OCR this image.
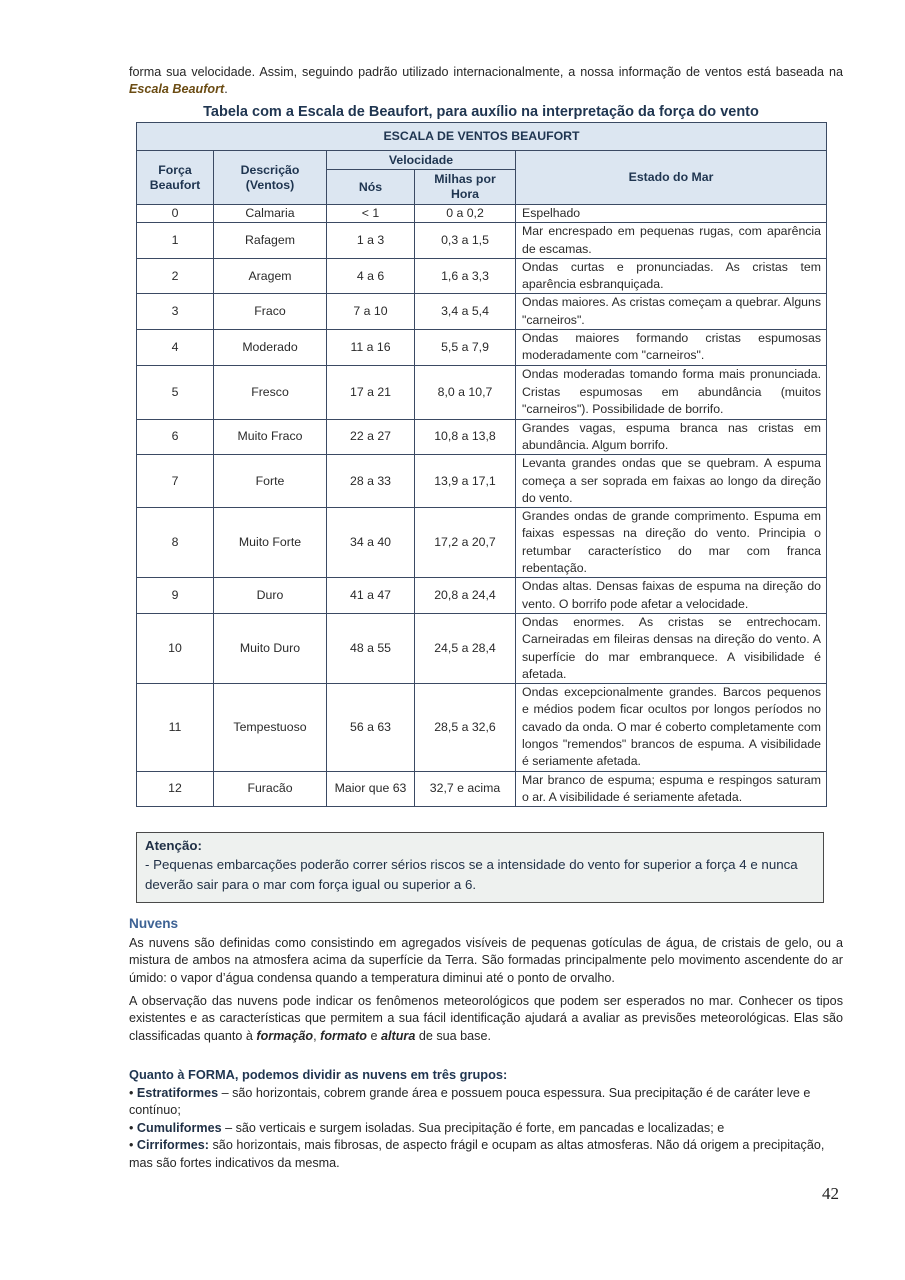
forma sua velocidade. Assim, seguindo padrão utilizado internacionalmente, a nossa informação de ventos está baseada na Escala Beaufort.

Tabela com a Escala de Beaufort, para auxílio na interpretação da força do vento

ESCALA DE VENTOS BEAUFORT				
Força Beaufort	Descrição (Ventos)	Velocidade		Estado do Mar
		Nós	Milhas por Hora	
0	Calmaria	< 1	0 a 0,2	Espelhado
1	Rafagem	1 a 3	0,3 a 1,5	Mar encrespado em pequenas rugas, com aparência de escamas.
2	Aragem	4 a 6	1,6 a 3,3	Ondas curtas e pronunciadas. As cristas tem aparência esbranquiçada.
3	Fraco	7 a 10	3,4 a 5,4	Ondas maiores. As cristas começam a quebrar. Alguns "carneiros".
4	Moderado	11 a 16	5,5 a 7,9	Ondas maiores formando cristas espumosas moderadamente com "carneiros".
5	Fresco	17 a 21	8,0 a 10,7	Ondas moderadas tomando forma mais pronunciada. Cristas espumosas em abundância (muitos "carneiros"). Possibilidade de borrifo.
6	Muito Fraco	22 a 27	10,8 a 13,8	Grandes vagas, espuma branca nas cristas em abundância. Algum borrifo.
7	Forte	28 a 33	13,9 a 17,1	Levanta grandes ondas que se quebram. A espuma começa a ser soprada em faixas ao longo da direção do vento.
8	Muito Forte	34 a 40	17,2 a 20,7	Grandes ondas de grande comprimento. Espuma em faixas espessas na direção do vento. Principia o retumbar característico do mar com franca rebentação.
9	Duro	41 a 47	20,8 a 24,4	Ondas altas. Densas faixas de espuma na direção do vento. O borrifo pode afetar a velocidade.
10	Muito Duro	48 a 55	24,5 a 28,4	Ondas enormes. As cristas se entrechocam. Carneiradas em fileiras densas na direção do vento. A superfície do mar embranquece. A visibilidade é afetada.
11	Tempestuoso	56 a 63	28,5 a 32,6	Ondas excepcionalmente grandes. Barcos pequenos e médios podem ficar ocultos por longos períodos no cavado da onda. O mar é coberto completamente com longos "remendos" brancos de espuma. A visibilidade é seriamente afetada.
12	Furacão	Maior que 63	32,7 e acima	Mar branco de espuma; espuma e respingos saturam o ar. A visibilidade é seriamente afetada.

Atenção:

- Pequenas embarcações poderão correr sérios riscos se a intensidade do vento for superior a força 4 e nunca deverão sair para o mar com força igual ou superior a 6.

Nuvens

As nuvens são definidas como consistindo em agregados visíveis de pequenas gotículas de água, de cristais de gelo, ou a mistura de ambos na atmosfera acima da superfície da Terra. São formadas principalmente pelo movimento ascendente do ar úmido: o vapor d’água condensa quando a temperatura diminui até o ponto de orvalho.

A observação das nuvens pode indicar os fenômenos meteorológicos que podem ser esperados no mar. Conhecer os tipos existentes e as características que permitem a sua fácil identificação ajudará a avaliar as previsões meteorológicas. Elas são classificadas quanto à formação, formato e altura de sua base.

Quanto à FORMA, podemos dividir as nuvens em três grupos:
• Estratiformes – são horizontais, cobrem grande área e possuem pouca espessura. Sua precipitação é de caráter leve e contínuo;
• Cumuliformes – são verticais e surgem isoladas. Sua precipitação é forte, em pancadas e localizadas; e
• Cirriformes: são horizontais, mais fibrosas, de aspecto frágil e ocupam as altas atmosferas. Não dá origem a precipitação, mas são fortes indicativos da mesma.
42
